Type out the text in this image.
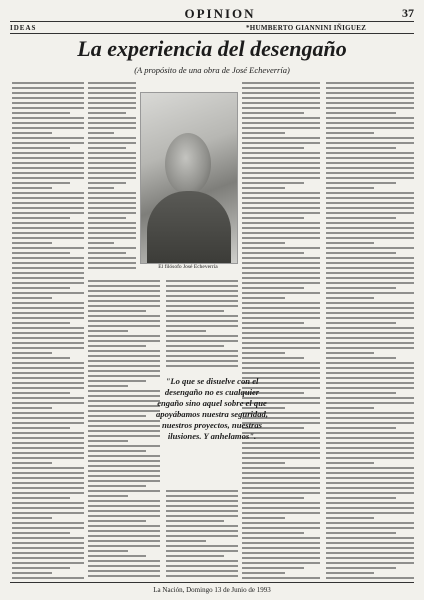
OPINION	37
IDEAS	*HUMBERTO GIANNINI IÑIGUEZ
La experiencia del desengaño
(A propósito de una obra de José Echeverría)
El filósofo José Echeverría

"Lo que se disuelve con el desengaño no es cualquier engaño sino aquel sobre el que apoyábamos nuestra seguridad, nuestros proyectos, nuestras ilusiones. Y anhelamos".

La Nación, Domingo 13 de Junio de 1993
